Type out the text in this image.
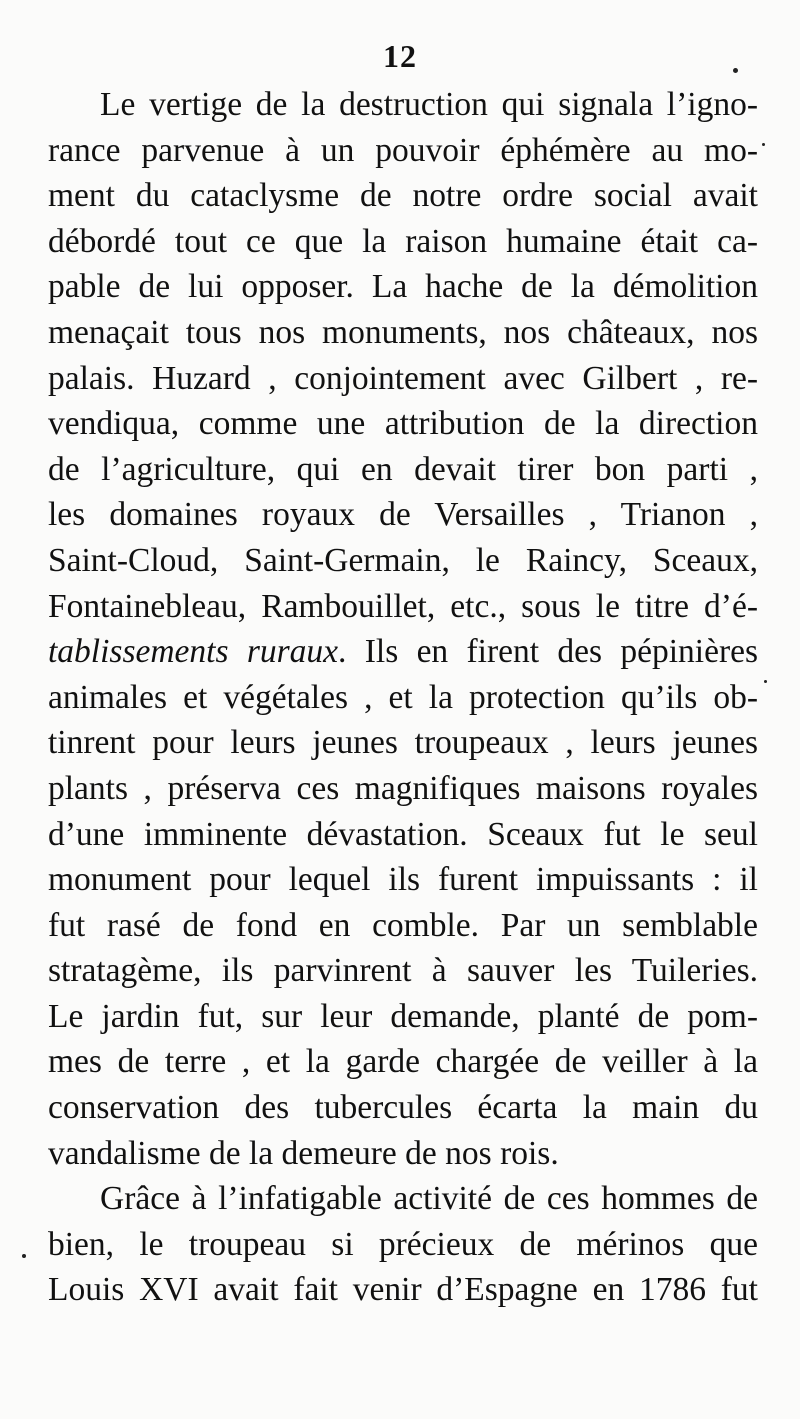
12
Le vertige de la destruction qui signala l’igno-
rance parvenue à un pouvoir éphémère au mo-
ment du cataclysme de notre ordre social avait
débordé tout ce que la raison humaine était ca-
pable de lui opposer. La hache de la démolition
menaçait tous nos monuments, nos châteaux, nos
palais. Huzard , conjointement avec Gilbert , re-
vendiqua, comme une attribution de la direction
de l’agriculture, qui en devait tirer bon parti ,
les domaines royaux de Versailles , Trianon ,
Saint-Cloud, Saint-Germain, le Raincy, Sceaux,
Fontainebleau, Rambouillet, etc., sous le titre d’é-
tablissements ruraux. Ils en firent des pépinières
animales et végétales , et la protection qu’ils ob-
tinrent pour leurs jeunes troupeaux , leurs jeunes
plants , préserva ces magnifiques maisons royales
d’une imminente dévastation. Sceaux fut le seul
monument pour lequel ils furent impuissants : il
fut rasé de fond en comble. Par un semblable
stratagème, ils parvinrent à sauver les Tuileries.
Le jardin fut, sur leur demande, planté de pom-
mes de terre , et la garde chargée de veiller à la
conservation des tubercules écarta la main du
vandalisme de la demeure de nos rois.
Grâce à l’infatigable activité de ces hommes de
bien, le troupeau si précieux de mérinos que
Louis XVI avait fait venir d’Espagne en 1786 fut
